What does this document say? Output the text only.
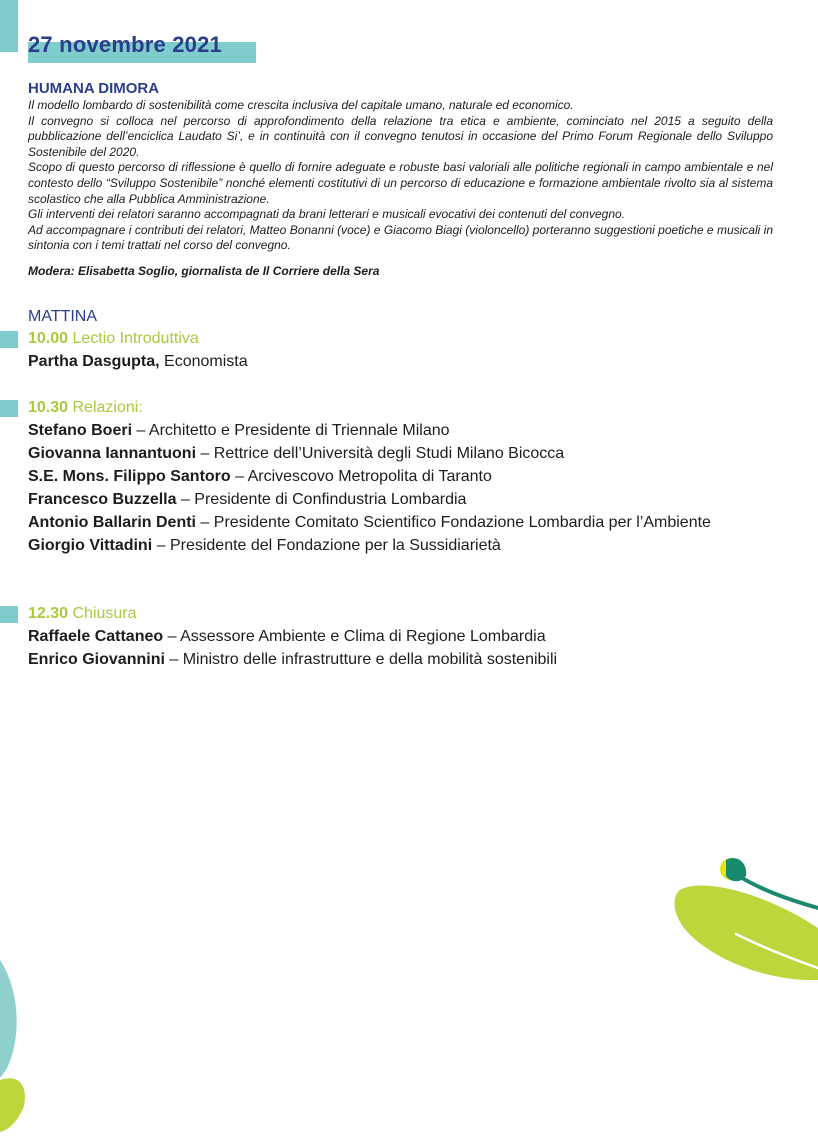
27 novembre 2021
HUMANA DIMORA

Il modello lombardo di sostenibilità come crescita inclusiva del capitale umano, naturale ed economico.

Il convegno si colloca nel percorso di approfondimento della relazione tra etica e ambiente, cominciato nel 2015 a seguito della pubblicazione dell’enciclica Laudato Si’, e in continuità con il convegno tenutosi in occasione del Primo Forum Regionale dello Sviluppo Sostenibile del 2020.

Scopo di questo percorso di riflessione è quello di fornire adeguate e robuste basi valoriali alle politiche regionali in campo ambientale e nel contesto dello “Sviluppo Sostenibile” nonché elementi costitutivi di un percorso di educazione e formazione ambientale rivolto sia al sistema scolastico che alla Pubblica Amministrazione.

Gli interventi dei relatori saranno accompagnati da brani letterari e musicali evocativi dei contenuti del convegno.

Ad accompagnare i contributi dei relatori, Matteo Bonanni (voce) e Giacomo Biagi (violoncello) porteranno suggestioni poetiche e musicali in sintonia con i temi trattati nel corso del convegno.

Modera: Elisabetta Soglio, giornalista de Il Corriere della Sera

MATTINA

10.00 Lectio Introduttiva

Partha Dasgupta, Economista

10.30 Relazioni:

Stefano Boeri – Architetto e Presidente di Triennale Milano

Giovanna Iannantuoni – Rettrice dell’Università degli Studi Milano Bicocca

S.E. Mons. Filippo Santoro – Arcivescovo Metropolita di Taranto

Francesco Buzzella – Presidente di Confindustria Lombardia

Antonio Ballarin Denti – Presidente Comitato Scientifico Fondazione Lombardia per l’Ambiente

Giorgio Vittadini – Presidente del Fondazione per la Sussidiarietà

12.30 Chiusura

Raffaele Cattaneo – Assessore Ambiente e Clima di Regione Lombardia

Enrico Giovannini – Ministro delle infrastrutture e della mobilità sostenibili
